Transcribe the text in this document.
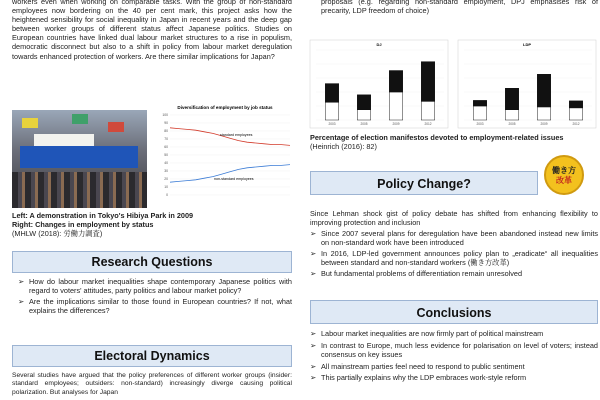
workers even when working on comparable tasks. With the group of non-standard employees now bordering on the 40 per cent mark, this project asks how the heightened sensibility for social inequality in Japan in recent years and the deep gap between worker groups of different status affect Japanese politics. Studies on European countries have linked dual labour market structures to a rise in populism, democratic disconnect but also to a shift in policy from labour market deregulation towards enhanced protection of workers. Are there similar implications for Japan?

Diversification of employment by job status
100
90
80
70
60
50
40
30
20
10
0
standard employees
non-standard employees
Left: A demonstration in Tokyo's Hibiya Park in 2009
Right: Changes in employment by status
(MHLW (2018): 労働力調査)
Research Questions
➢ How do labour market inequalities shape contemporary Japanese politics with regard to voters' attitudes, party politics and labour market policy?
➢ Are the implications similar to those found in European countries? If not, what explains the differences?
Electoral Dynamics

Several studies have argued that the policy preferences of different worker groups (insider: standard employees; outsiders: non-standard) increasingly diverge causing political polarization. But analyses for Japan

proposals (e.g. regarding non-standard employment, DPJ emphasises risk of precarity, LDP freedom of choice)
DJ
2003	2005	2009	2012
LDP
2003	2005	2009	2012
Percentage of election manifestos devoted to employment-related issues
(Heinrich (2016): 82)
Policy Change?
働き方
改革

Since Lehman shock gist of policy debate has shifted from enhancing flexibility to improving protection and inclusion

➢ Since 2007 several plans for deregulation have been abandoned instead new limits on non-standard work have been introduced
➢ In 2016, LDP-led government announces policy plan to „eradicate“ all inequalities between standard and non-standard workers (働き方改革)
➢ But fundamental problems of differentiation remain unresolved
Conclusions
➢ Labour market inequalities are now firmly part of political mainstream
➢ In contrast to Europe, much less evidence for polarisation on level of voters; instead consensus on key issues
➢ All mainstream parties feel need to respond to public sentiment
➢ This partially explains why the LDP embraces work-style reform
